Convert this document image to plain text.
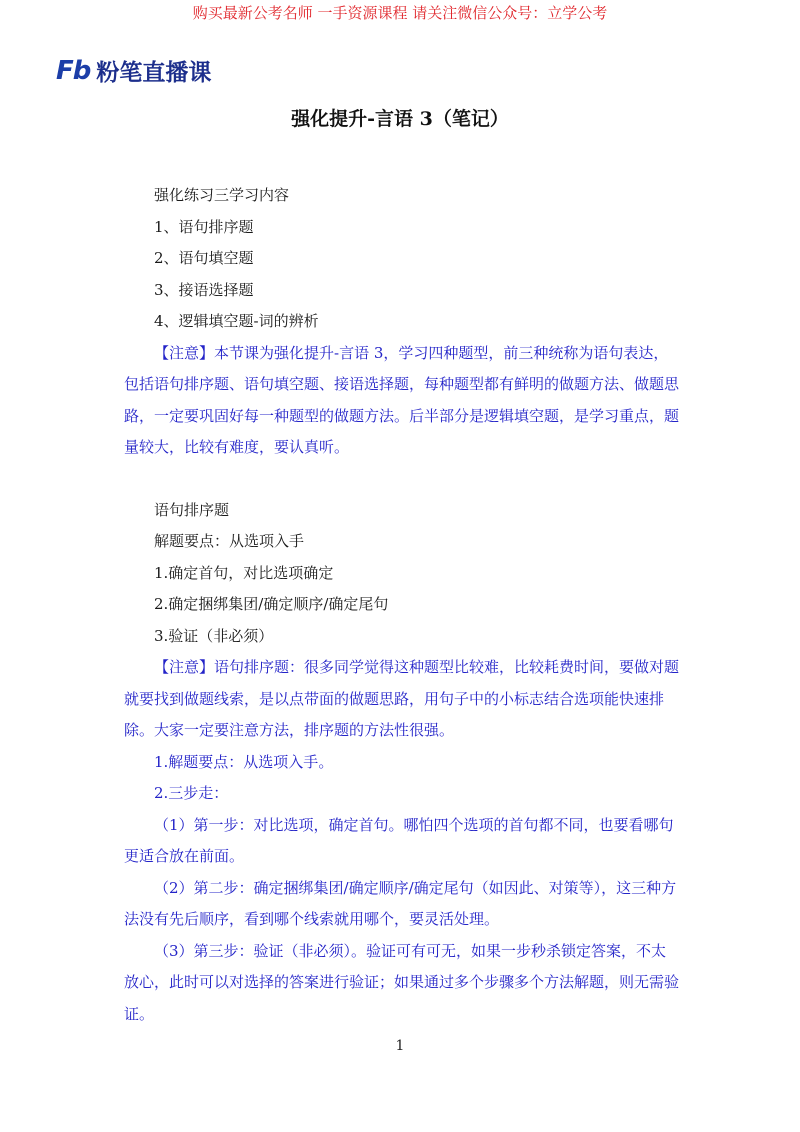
购买最新公考名师 一手资源课程 请关注微信公众号：立学公考
Fb 粉笔直播课
强化提升-言语 3（笔记）
强化练习三学习内容
1、语句排序题
2、语句填空题
3、接语选择题
4、逻辑填空题-词的辨析
【注意】本节课为强化提升-言语 3，学习四种题型，前三种统称为语句表达，包括语句排序题、语句填空题、接语选择题，每种题型都有鲜明的做题方法、做题思路，一定要巩固好每一种题型的做题方法。后半部分是逻辑填空题，是学习重点，题量较大，比较有难度，要认真听。
语句排序题
解题要点：从选项入手
1.确定首句，对比选项确定
2.确定捆绑集团/确定顺序/确定尾句
3.验证（非必须）
【注意】语句排序题：很多同学觉得这种题型比较难，比较耗费时间，要做对题就要找到做题线索，是以点带面的做题思路，用句子中的小标志结合选项能快速排除。大家一定要注意方法，排序题的方法性很强。
1.解题要点：从选项入手。
2.三步走：
（1）第一步：对比选项，确定首句。哪怕四个选项的首句都不同，也要看哪句更适合放在前面。
（2）第二步：确定捆绑集团/确定顺序/确定尾句（如因此、对策等），这三种方法没有先后顺序，看到哪个线索就用哪个，要灵活处理。
（3）第三步：验证（非必须）。验证可有可无，如果一步秒杀锁定答案，不太放心，此时可以对选择的答案进行验证；如果通过多个步骤多个方法解题，则无需验证。
1
